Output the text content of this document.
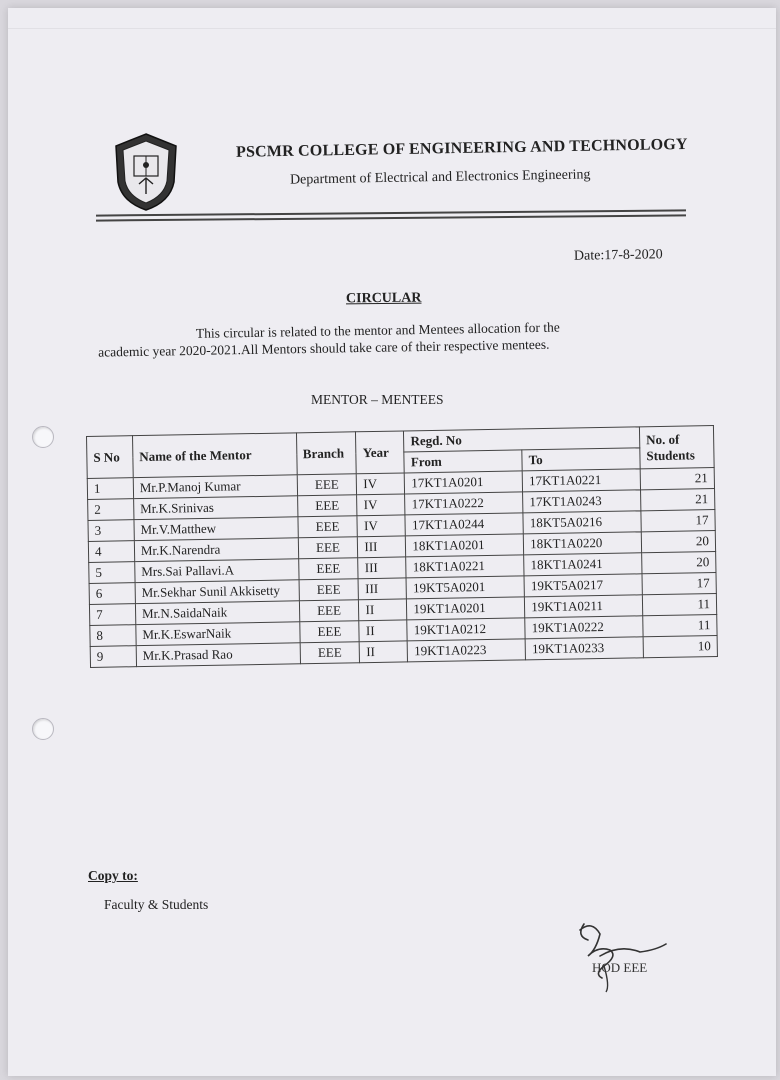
PSCMR COLLEGE OF ENGINEERING AND TECHNOLOGY
Department of Electrical and Electronics Engineering
Date:17-8-2020
CIRCULAR
This circular is related to the mentor and Mentees allocation for the
academic year 2020-2021.All Mentors should take care of their respective mentees.
MENTOR – MENTEES
S No	Name of the Mentor	Branch	Year	Regd. No		No. of Students
				From	To	
1	Mr.P.Manoj Kumar	EEE	IV	17KT1A0201	17KT1A0221	21
2	Mr.K.Srinivas	EEE	IV	17KT1A0222	17KT1A0243	21
3	Mr.V.Matthew	EEE	IV	17KT1A0244	18KT5A0216	17
4	Mr.K.Narendra	EEE	III	18KT1A0201	18KT1A0220	20
5	Mrs.Sai Pallavi.A	EEE	III	18KT1A0221	18KT1A0241	20
6	Mr.Sekhar Sunil Akkisetty	EEE	III	19KT5A0201	19KT5A0217	17
7	Mr.N.SaidaNaik	EEE	II	19KT1A0201	19KT1A0211	11
8	Mr.K.EswarNaik	EEE	II	19KT1A0212	19KT1A0222	11
9	Mr.K.Prasad Rao	EEE	II	19KT1A0223	19KT1A0233	10
Copy to:
Faculty & Students
HOD EEE
